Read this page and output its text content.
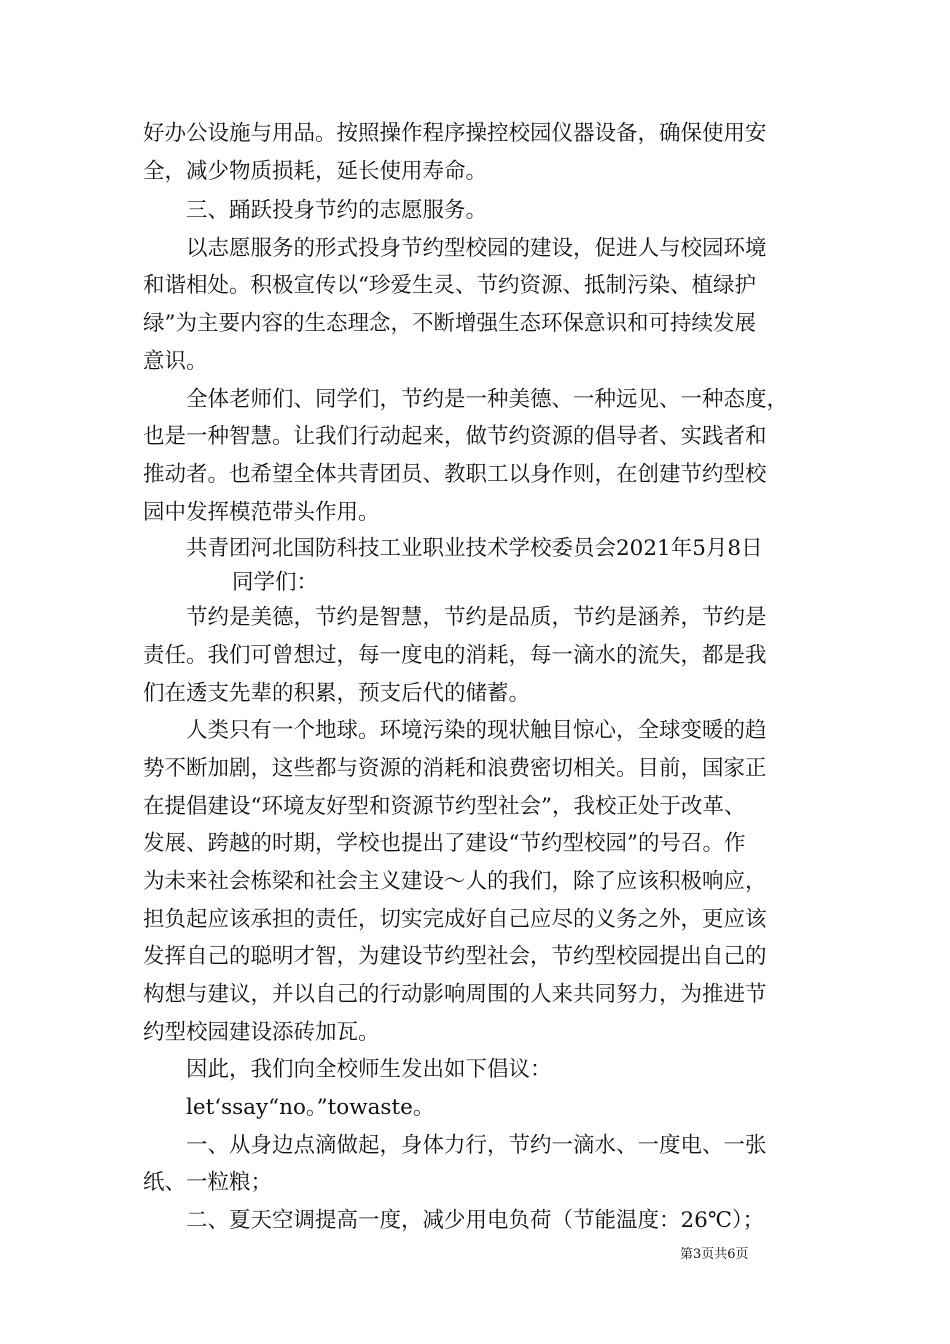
好办公设施与用品。按照操作程序操控校园仪器设备，确保使用安
全，减少物质损耗，延长使用寿命。
三、踊跃投身节约的志愿服务。
以志愿服务的形式投身节约型校园的建设，促进人与校园环境
和谐相处。积极宣传以“珍爱生灵、节约资源、抵制污染、植绿护
绿”为主要内容的生态理念，不断增强生态环保意识和可持续发展
意识。
全体老师们、同学们，节约是一种美德、一种远见、一种态度，
也是一种智慧。让我们行动起来，做节约资源的倡导者、实践者和
推动者。也希望全体共青团员、教职工以身作则，在创建节约型校
园中发挥模范带头作用。
共青团河北国防科技工业职业技术学校委员会2021年5月8日
同学们：
节约是美德，节约是智慧，节约是品质，节约是涵养，节约是
责任。我们可曾想过，每一度电的消耗，每一滴水的流失，都是我
们在透支先辈的积累，预支后代的储蓄。
人类只有一个地球。环境污染的现状触目惊心，全球变暖的趋
势不断加剧，这些都与资源的消耗和浪费密切相关。目前，国家正
在提倡建设“环境友好型和资源节约型社会”，我校正处于改革、
发展、跨越的时期，学校也提出了建设“节约型校园”的号召。作
为未来社会栋梁和社会主义建设～人的我们，除了应该积极响应，
担负起应该承担的责任，切实完成好自己应尽的义务之外，更应该
发挥自己的聪明才智，为建设节约型社会，节约型校园提出自己的
构想与建议，并以自己的行动影响周围的人来共同努力，为推进节
约型校园建设添砖加瓦。
因此，我们向全校师生发出如下倡议：
let‘ssay“no。”towaste。
一、从身边点滴做起，身体力行，节约一滴水、一度电、一张
纸、一粒粮；
二、夏天空调提高一度，减少用电负荷（节能温度：26℃）；
第3页共6页
